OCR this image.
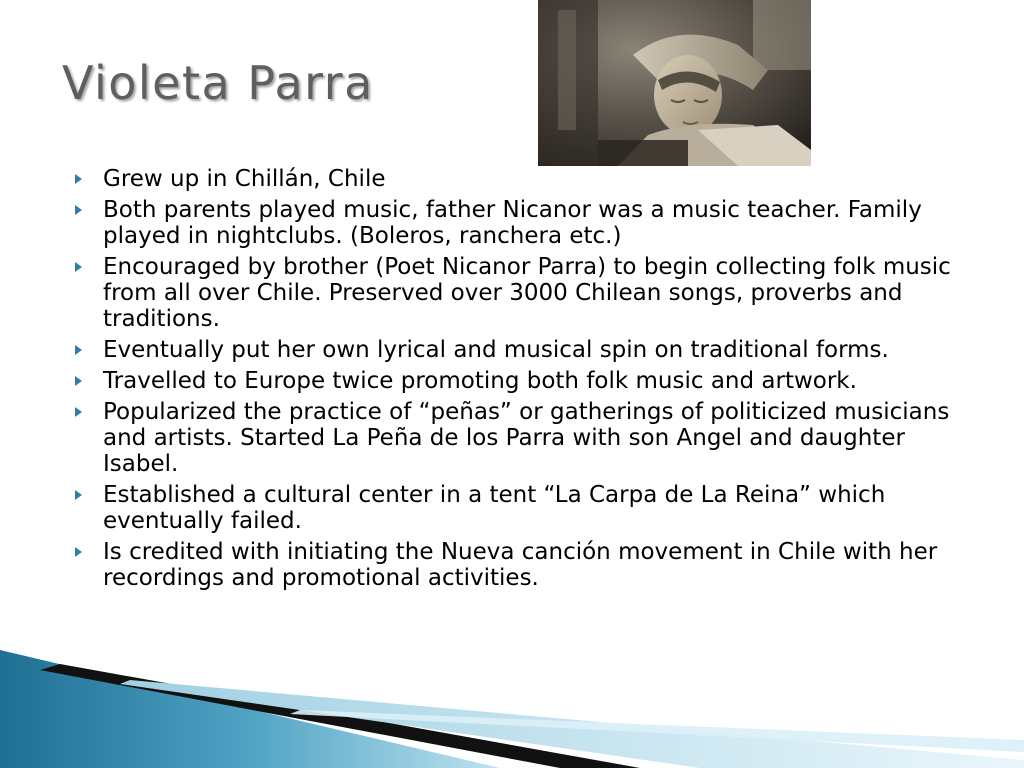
Violeta Parra
Grew up in Chillán, Chile
Both parents played music, father Nicanor was a music teacher. Family played in nightclubs. (Boleros, ranchera etc.)
Encouraged by brother (Poet Nicanor Parra) to begin collecting folk music from all over Chile. Preserved over 3000 Chilean songs, proverbs and traditions.
Eventually put her own lyrical and musical spin on traditional forms.
Travelled to Europe twice promoting both folk music and artwork.
Popularized the practice of “peñas” or gatherings of politicized musicians and artists. Started La Peña de los Parra with son Angel and daughter Isabel.
Established a cultural center in a tent “La Carpa de La Reina” which eventually failed.
Is credited with initiating the Nueva canción movement in Chile with her recordings and promotional activities.
